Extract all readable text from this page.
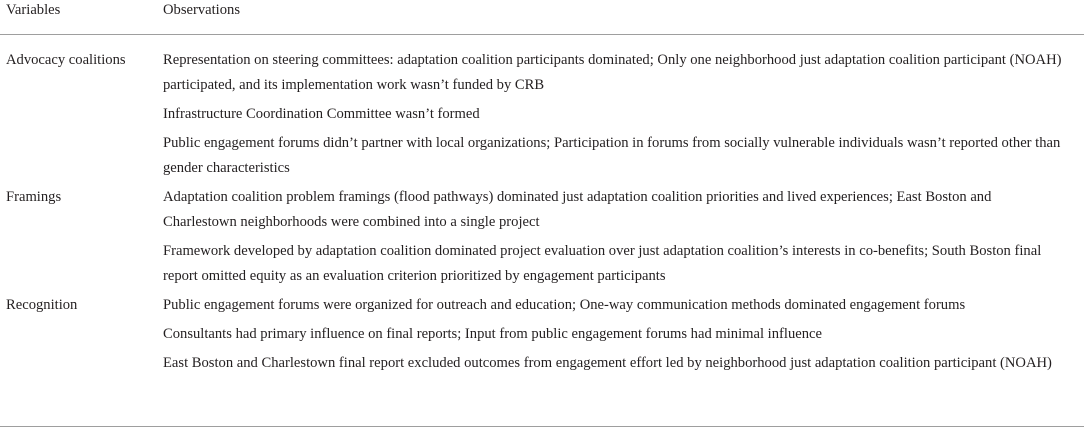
Variables	Observations
Advocacy coalitions	Representation on steering committees: adaptation coalition participants dominated; Only one neighborhood just adaptation coalition participant (NOAH) participated, and its implementation work wasn’t funded by CRB
Infrastructure Coordination Committee wasn’t formed
Public engagement forums didn’t partner with local organizations; Participation in forums from socially vulnerable individuals wasn’t reported other than gender characteristics
Framings	Adaptation coalition problem framings (flood pathways) dominated just adaptation coalition priorities and lived experiences; East Boston and Charlestown neighborhoods were combined into a single project
Framework developed by adaptation coalition dominated project evaluation over just adaptation coalition’s interests in co-benefits; South Boston final report omitted equity as an evaluation criterion prioritized by engagement participants
Recognition	Public engagement forums were organized for outreach and education; One-way communication methods dominated engagement forums
Consultants had primary influence on final reports; Input from public engagement forums had minimal influence
East Boston and Charlestown final report excluded outcomes from engagement effort led by neighborhood just adaptation coalition participant (NOAH)
